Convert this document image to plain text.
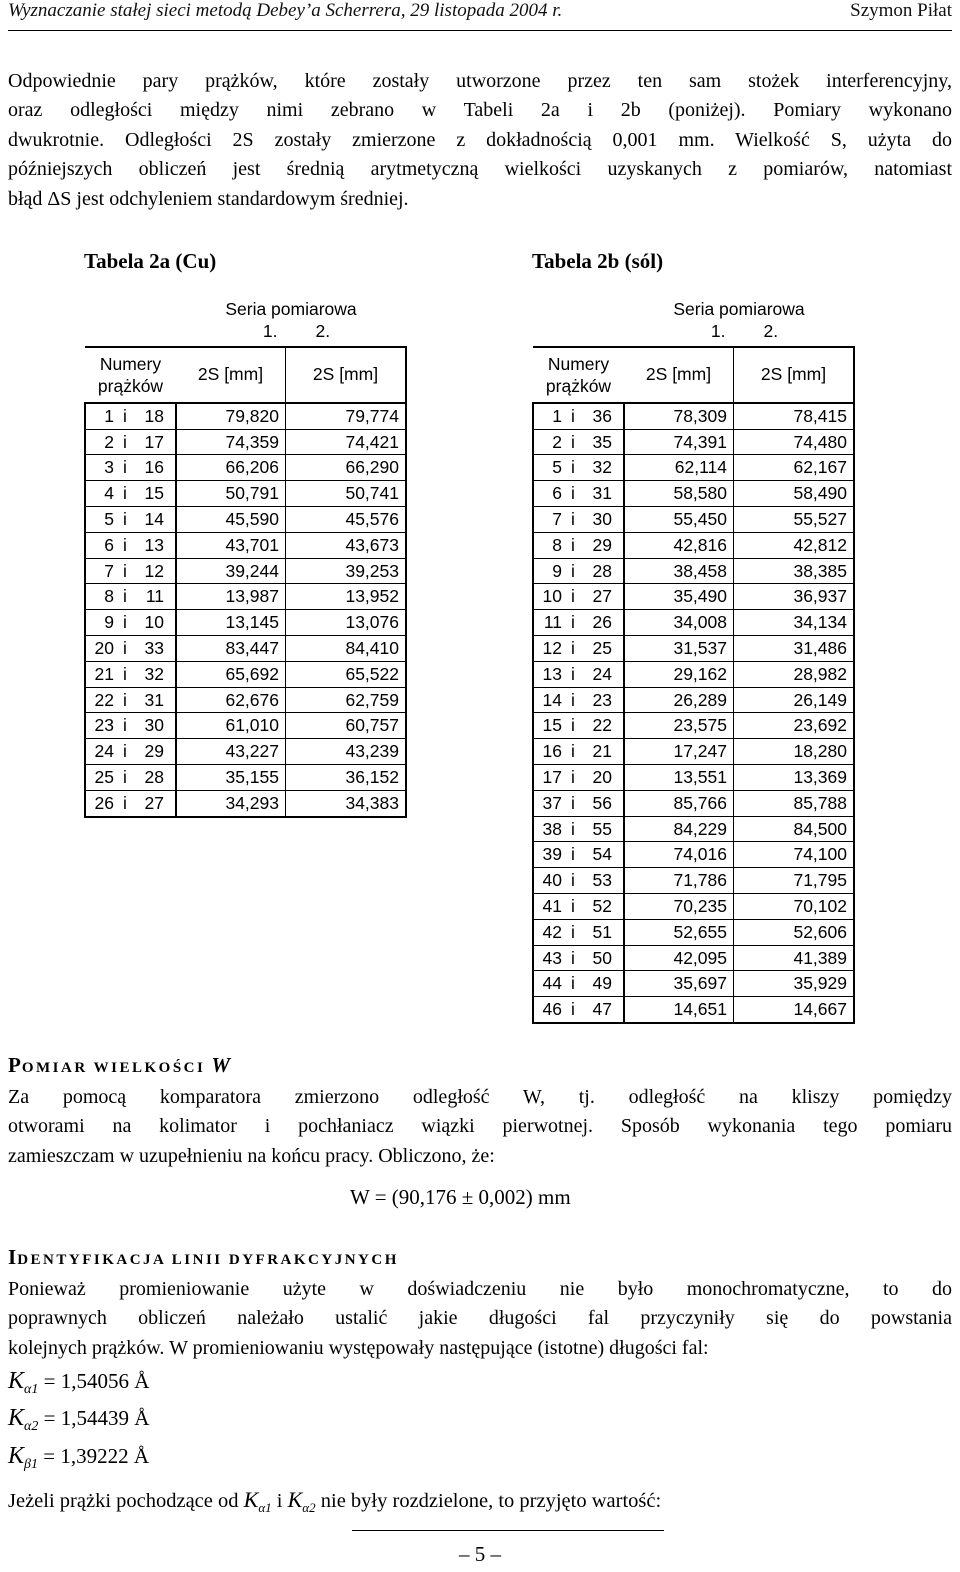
Wyznaczanie stałej sieci metodą Debey’a Scherrera, 29 listopada 2004 r.	Szymon Piłat
Odpowiednie pary prążków, które zostały utworzone przez ten sam stożek interferencyjny,
oraz odległości między nimi zebrano w Tabeli 2a i 2b (poniżej). Pomiary wykonano
dwukrotnie. Odległości 2S zostały zmierzone z dokładnością 0,001 mm. Wielkość S, użyta do
późniejszych obliczeń jest średnią arytmetyczną wielkości uzyskanych z pomiarów, natomiast
błąd ΔS jest odchyleniem standardowym średniej.
Tabela 2a (Cu)	Tabela 2b (sól)
	Seria pomiarowa	
	1.	2.
Numery
prążków	2S [mm]	2S [mm]
1 i 18	79,820	79,774
2 i 17	74,359	74,421
3 i 16	66,206	66,290
4 i 15	50,791	50,741
5 i 14	45,590	45,576
6 i 13	43,701	43,673
7 i 12	39,244	39,253
8 i 11	13,987	13,952
9 i 10	13,145	13,076
20 i 33	83,447	84,410
21 i 32	65,692	65,522
22 i 31	62,676	62,759
23 i 30	61,010	60,757
24 i 29	43,227	43,239
25 i 28	35,155	36,152
26 i 27	34,293	34,383
	Seria pomiarowa	
	1.	2.
Numery
prążków	2S [mm]	2S [mm]
1 i 36	78,309	78,415
2 i 35	74,391	74,480
5 i 32	62,114	62,167
6 i 31	58,580	58,490
7 i 30	55,450	55,527
8 i 29	42,816	42,812
9 i 28	38,458	38,385
10 i 27	35,490	36,937
11 i 26	34,008	34,134
12 i 25	31,537	31,486
13 i 24	29,162	28,982
14 i 23	26,289	26,149
15 i 22	23,575	23,692
16 i 21	17,247	18,280
17 i 20	13,551	13,369
37 i 56	85,766	85,788
38 i 55	84,229	84,500
39 i 54	74,016	74,100
40 i 53	71,786	71,795
41 i 52	70,235	70,102
42 i 51	52,655	52,606
43 i 50	42,095	41,389
44 i 49	35,697	35,929
46 i 47	14,651	14,667
POMIAR WIELKOŚCI W
Za pomocą komparatora zmierzono odległość W, tj. odległość na kliszy pomiędzy
otworami na kolimator i pochłaniacz wiązki pierwotnej. Sposób wykonania tego pomiaru
zamieszczam w uzupełnieniu na końcu pracy. Obliczono, że:
W = (90,176 ± 0,002) mm
IDENTYFIKACJA LINII DYFRAKCYJNYCH
Ponieważ promieniowanie użyte w doświadczeniu nie było monochromatyczne, to do
poprawnych obliczeń należało ustalić jakie długości fal przyczyniły się do powstania
kolejnych prążków. W promieniowaniu występowały następujące (istotne) długości fal:
$K_{\alpha 1} = 1,54056$ Å
$K_{\alpha 2} = 1,54439$ Å
$K_{\beta 1} = 1,39222$ Å
Jeżeli prążki pochodzące od $K_{\alpha 1}$ i $K_{\alpha 2}$ nie były rozdzielone, to przyjęto wartość:
– 5 –
